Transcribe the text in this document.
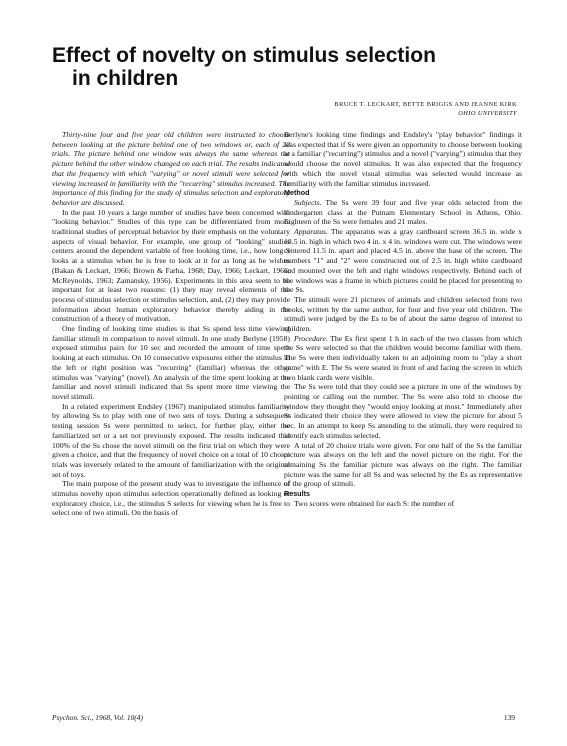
Effect of novelty on stimulus selection
in children
BRUCE T. LECKART, BETTE BRIGGS AND JEANNE KIRK
OHIO UNIVERSITY

Thirty-nine four and five year old children were instructed to choose between looking at the picture behind one of two windows or, each of 20 trials. The picture behind one window was always the same whereas the picture behind the other window changed on each trial. The results indicated that the frequency with which "varying" or novel stimuli were selected for viewing increased in familiarity with the "recurring" stimulus increased. The importance of this finding for the study of stimulus selection and exploratory behavior are discussed.

In the past 10 years a large number of studies have been concerned with "looking behavior." Studies of this type can be differentiated from more traditional studies of perceptual behavior by their emphasis on the voluntary aspects of visual behavior. For example, one group of "looking" studies centers around the dependent variable of free looking time, i.e., how long S looks at a stimulus when he is free to look at it for as long as he wishes (Bakan & Leckart, 1966; Brown & Farha, 1968; Day, 1966; Leckart, 1966; McReynolds, 1963; Zamansky, 1956). Experiments in this area seem to be important for at least two reasons: (1) they may reveal elements of the process of stimulus selection or stimulus selection, and, (2) they may provide information about human exploratory behavior thereby aiding in the construction of a theory of motivation.

One finding of looking time studies is that Ss spend less time viewing familiar stimuli in comparison to novel stimuli. In one study Berlyne (1958) exposed stimulus pairs for 10 sec and recorded the amount of time spent looking at each stimulus. On 10 consecutive exposures either the stimulus in the left or right position was "recurring" (familiar) whereas the other stimulus was "varying" (novel). An analysis of the time spent looking at the familiar and novel stimuli indicated that Ss spent more time viewing the novel stimuli.

In a related experiment Endsley (1967) manipulated stimulus familiarity by allowing Ss to play with one of two sets of toys. During a subsequent testing session Ss were permitted to select, for further play, either the familiarized set or a set not previously exposed. The results indicated that 100% of the Ss chose the novel stimuli on the first trial on which they were given a choice, and that the frequency of novel choice on a total of 10 choice trials was inversely related to the amount of familiarization with the original set of toys.

The main purpose of the present study was to investigate the influence of stimulus novelty upon stimulus selection operationally defined as looking or exploratory choice, i.e., the stimulus S selects for viewing when he is free to select one of two stimuli. On the basis of

Berlyne's looking time findings and Endsley's "play behavior" findings it was expected that if Ss were given an opportunity to choose between looking at a familiar ("recurring") stimulus and a novel ("varying") stimulus that they would choose the novel stimulus. It was also expected that the frequency with which the novel visual stimulus was selected would increase as familiarity with the familiar stimulus increased.

Method

Subjects. The Ss were 39 four and five year olds selected from the kindergarten class at the Putnam Elementary School in Athens, Ohio. Eighteen of the Ss were females and 21 males.

Apparatus. The apparatus was a gray cardboard screen 36.5 in. wide x 18.5 in. high in which two 4 in. x 4 in. windows were cut. The windows were centered 11.5 in. apart and placed 4.5 in. above the base of the screen. The numbers "1" and "2" were constructed out of 2.5 in. high white cardboard and mounted over the left and right windows respectively. Behind each of the windows was a frame in which pictures could be placed for presenting to the Ss.

The stimuli were 21 pictures of animals and children selected from two books, written by the same author, for four and five year old children. The stimuli were judged by the Es to be of about the same degree of interest to children.

Procedure. The Es first spent 1 h in each of the two classes from which the Ss were selected so that the children would become familiar with them. The Ss were then individually taken to an adjoining room to "play a short game" with E. The Ss were seated in front of and facing the screen in which two blank cards were visible.

The Ss were told that they could see a picture in one of the windows by pointing or calling out the number. The Ss were also told to choose the window they thought they "would enjoy looking at most." Immediately after Ss indicated their choice they were allowed to view the picture for about 5 sec. In an attempt to keep Ss attending to the stimuli, they were required to identify each stimulus selected.

A total of 20 choice trials were given. For one half of the Ss the familiar picture was always on the left and the novel picture on the right. For the remaining Ss the familiar picture was always on the right. The familiar picture was the same for all Ss and was selected by the Es as representative of the group of stimuli.

Results

Two scores were obtained for each S: the number of

Psychon. Sci., 1968, Vol. 10(4)	139
